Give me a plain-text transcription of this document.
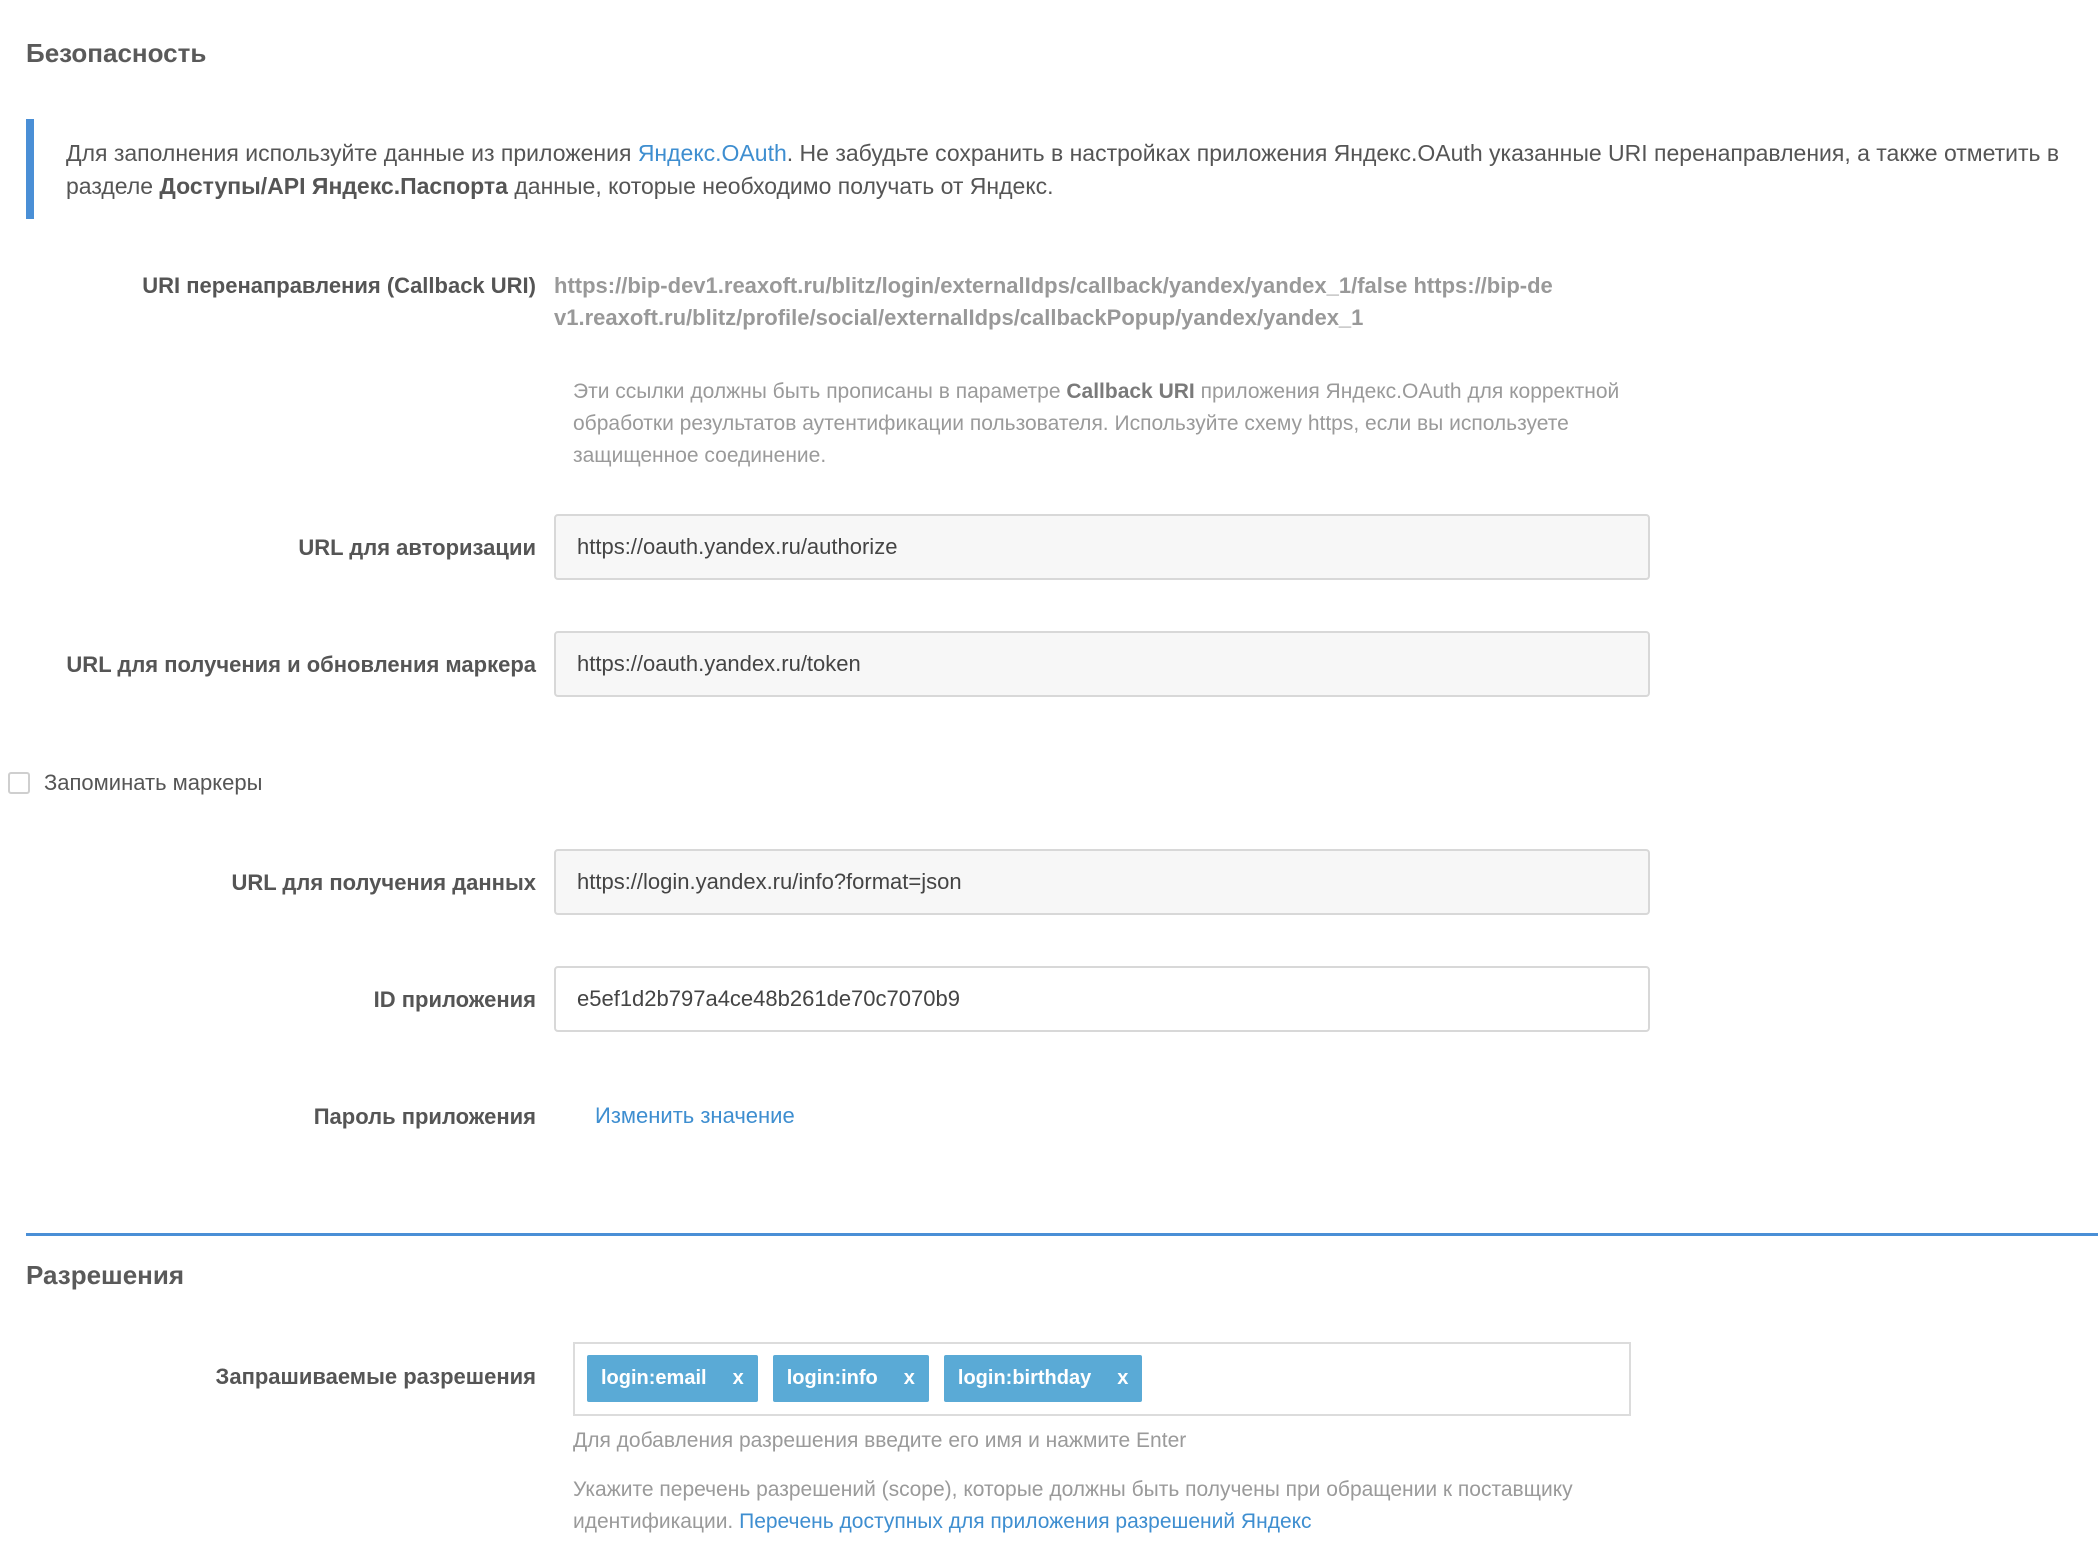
Безопасность
Для заполнения используйте данные из приложения Яндекс.OAuth. Не забудьте сохранить в настройках приложения Яндекс.OAuth указанные URI перенаправления, а также отметить в разделе Доступы/API Яндекс.Паспорта данные, которые необходимо получать от Яндекс.
URI перенаправления (Callback URI) https://bip-dev1.reaxoft.ru/blitz/login/externalIdps/callback/yandex/yandex_1/false https://bip-dev1.reaxoft.ru/blitz/profile/social/externalIdps/callbackPopup/yandex/yandex_1
Эти ссылки должны быть прописаны в параметре Callback URI приложения Яндекс.OAuth для корректной обработки результатов аутентификации пользователя. Используйте схему https, если вы используете защищенное соединение.
URL для авторизации
https://oauth.yandex.ru/authorize
URL для получения и обновления маркера
https://oauth.yandex.ru/token
Запоминать маркеры
URL для получения данных
https://login.yandex.ru/info?format=json
ID приложения
e5ef1d2b797a4ce48b261de70c7070b9
Пароль приложения	Изменить значение
Разрешения
Запрашиваемые разрешения	login:email x login:info x login:birthday x
Для добавления разрешения введите его имя и нажмите Enter
Укажите перечень разрешений (scope), которые должны быть получены при обращении к поставщику идентификации. Перечень доступных для приложения разрешений Яндекс
